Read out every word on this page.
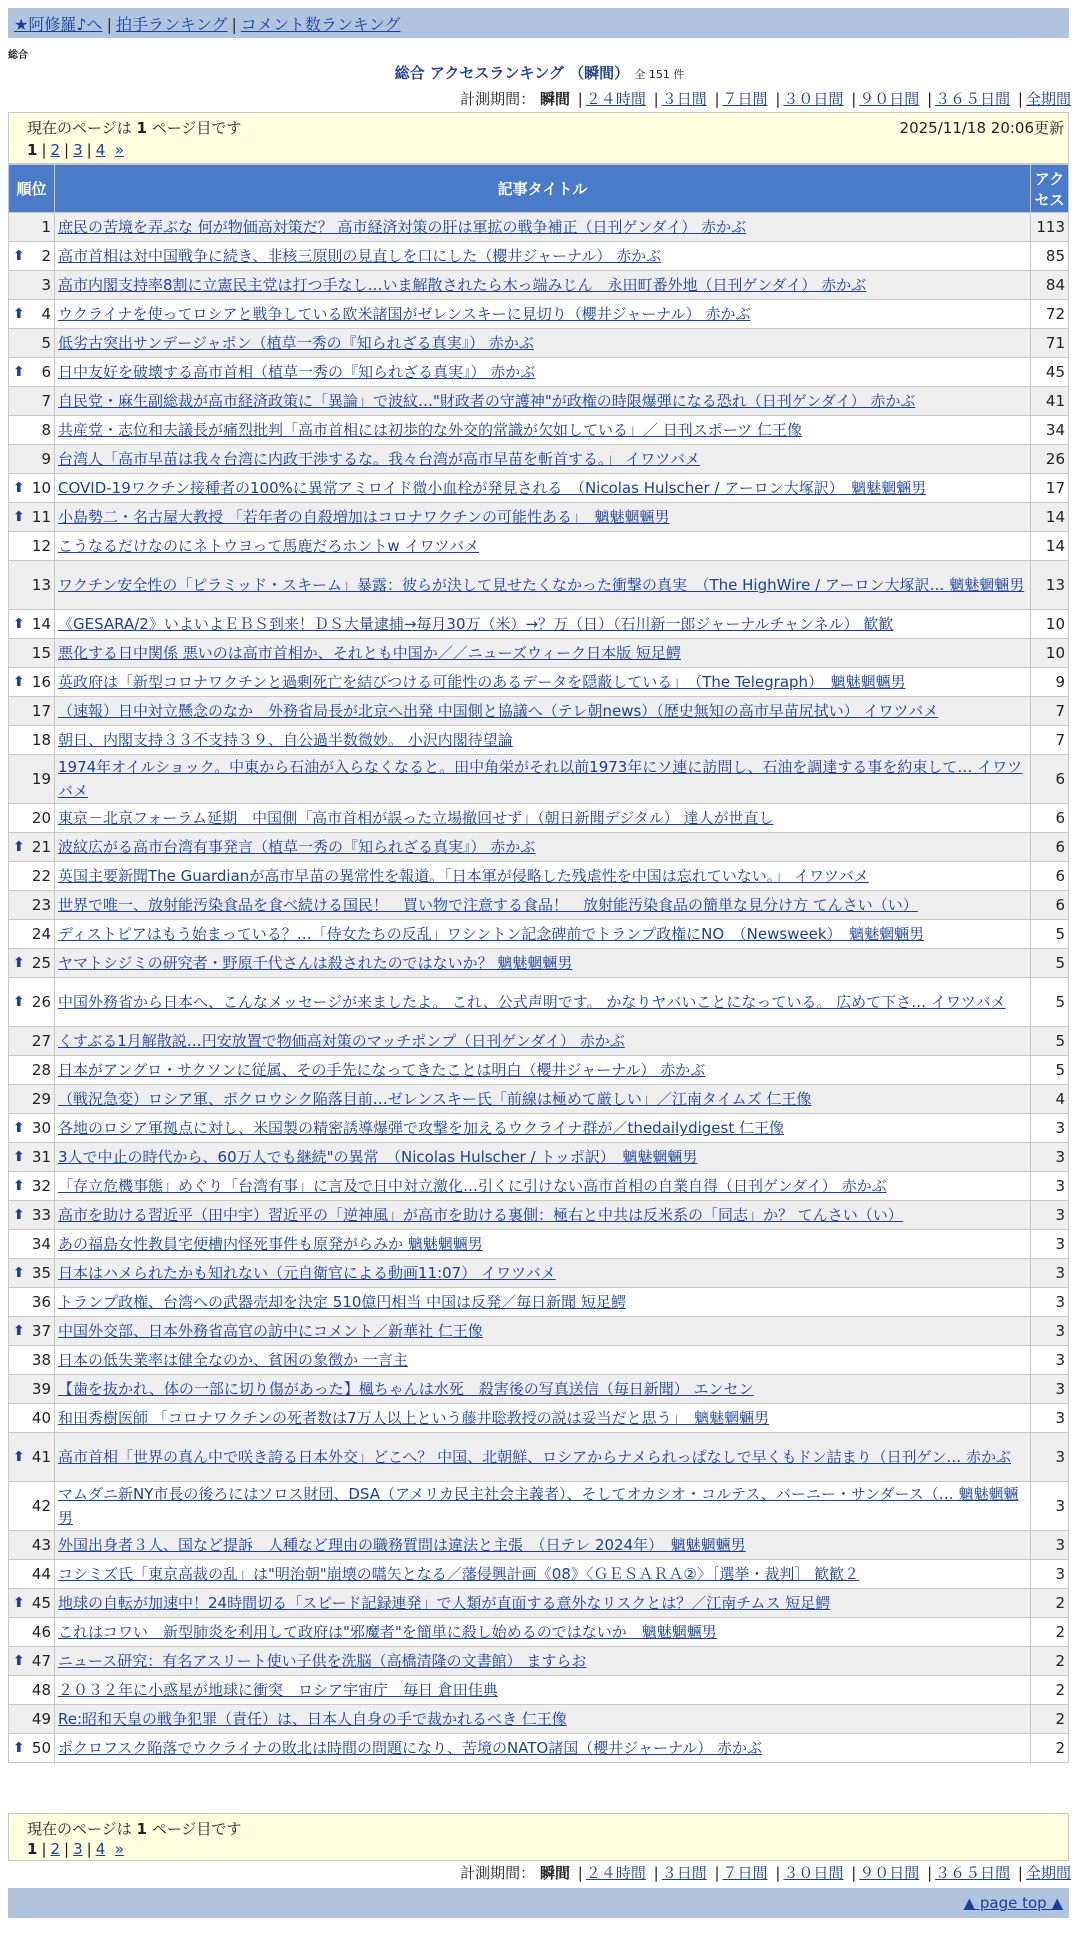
★阿修羅♪へ | 拍手ランキング | コメント数ランキング
総合
総合 アクセスランキング （瞬間） 全 151 件
計測期間： 瞬間 | ２４時間 | ３日間 | ７日間 | ３０日間 | ９０日間 | ３６５日間 | 全期間
現在のページは 1 ページ目です	2025/11/18 20:06更新
1 | 2 | 3 | 4 »
順位	記事タイトル	アクセス
1	庶民の苦境を弄ぶな 何が物価高対策だ？ 高市経済対策の肝は軍拡の戦争補正（日刊ゲンダイ） 赤かぶ	113

⬆ 2	高市首相は対中国戦争に続き、非核三原則の見直しを口にした（櫻井ジャーナル） 赤かぶ	85
3	高市内閣支持率8割に立憲民主党は打つ手なし…いま解散されたら木っ端みじん　永田町番外地（日刊ゲンダイ） 赤かぶ	84

⬆ 4	ウクライナを使ってロシアと戦争している欧米諸国がゼレンスキーに見切り（櫻井ジャーナル） 赤かぶ	72
5	低劣古突出サンデージャポン（植草一秀の『知られざる真実』） 赤かぶ	71

⬆ 6	日中友好を破壊する高市首相（植草一秀の『知られざる真実』） 赤かぶ	45
7	自民党・麻生副総裁が高市経済政策に「異論」で波紋…"財政者の守護神"が政権の時限爆弾になる恐れ（日刊ゲンダイ） 赤かぶ	41
8	共産党・志位和夫議長が痛烈批判「高市首相には初歩的な外交的常識が欠如している」／ 日刊スポーツ 仁王像	34
9	台湾人「高市早苗は我々台湾に内政干渉するな。我々台湾が高市早苗を斬首する。」 イワツバメ	26

⬆ 10	COVID-19ワクチン接種者の100%に異常アミロイド微小血栓が発見される　（Nicolas Hulscher / アーロン大塚訳）　魑魅魍魎男	17

⬆ 11	小島勢二・名古屋大教授 「若年者の自殺増加はコロナワクチンの可能性ある」　魑魅魍魎男	14
12	こうなるだけなのにネトウヨって馬鹿だろホントw イワツバメ	14
13	ワクチン安全性の「ピラミッド・スキーム」暴露：彼らが決して見せたくなかった衝撃の真実　（The HighWire / アーロン大塚訳… 魑魅魍魎男	13

⬆ 14	《GESARA/2》いよいよＥＢＳ到来！ＤＳ大量逮捕→毎月30万（米）→？万（日）（石川新一郎ジャーナルチャンネル） 歓歓	10
15	悪化する日中関係 悪いのは高市首相か、それとも中国か／／ニューズウィーク日本版 短足鰐	10

⬆ 16	英政府は「新型コロナワクチンと過剰死亡を結びつける可能性のあるデータを隠蔽している」　（The Telegraph）　魑魅魍魎男	9
17	（速報）日中対立懸念のなか　外務省局長が北京へ出発 中国側と協議へ（テレ朝news）（歴史無知の高市早苗尻拭い） イワツバメ	7
18	朝日、内閣支持３３不支持３９、自公過半数微妙。 小沢内閣待望論	7
19	1974年オイルショック。中東から石油が入らなくなると。田中角栄がそれ以前1973年にソ連に訪問し、石油を調達する事を約束して… イワツバメ	6
20	東京－北京フォーラム延期　中国側「高市首相が誤った立場撤回せず」（朝日新聞デジタル） 達人が世直し	6

⬆ 21	波紋広がる高市台湾有事発言（植草一秀の『知られざる真実』） 赤かぶ	6
22	英国主要新聞The Guardianが高市早苗の異常性を報道。「日本軍が侵略した残虐性を中国は忘れていない。」 イワツバメ	6
23	世界で唯一、放射能汚染食品を食べ続ける国民！　買い物で注意する食品！　放射能汚染食品の簡単な見分け方 てんさい（い）	6
24	ディストピアはもう始まっている？…「侍女たちの反乱」ワシントン記念碑前でトランプ政権にNO　（Newsweek）　魑魅魍魎男	5

⬆ 25	ヤマトシジミの研究者・野原千代さんは殺されたのではないか？ 魑魅魍魎男	5

⬆ 26	中国外務省から日本へ、こんなメッセージが来ましたよ。 これ、公式声明です。 かなりヤバいことになっている。 広めて下さ… イワツバメ	5
27	くすぶる1月解散説…円安放置で物価高対策のマッチポンプ（日刊ゲンダイ） 赤かぶ	5
28	日本がアングロ・サクソンに従属、その手先になってきたことは明白（櫻井ジャーナル） 赤かぶ	5
29	（戦況急変）ロシア軍、ポクロウシク陥落目前…ゼレンスキー氏「前線は極めて厳しい」／江南タイムズ 仁王像	4

⬆ 30	各地のロシア軍拠点に対し、米国製の精密誘導爆弾で攻撃を加えるウクライナ群が／thedailydigest 仁王像	3

⬆ 31	3人で中止の時代から、60万人でも継続"の異常　（Nicolas Hulscher / トッポ訳）　魑魅魍魎男	3

⬆ 32	「存立危機事態」めぐり「台湾有事」に言及で日中対立激化…引くに引けない高市首相の自業自得（日刊ゲンダイ） 赤かぶ	3

⬆ 33	高市を助ける習近平（田中宇）習近平の「逆神風」が高市を助ける裏側：極右と中共は反米系の「同志」か？ てんさい（い）	3
34	あの福島女性教員宅便槽内怪死事件も原発がらみか 魑魅魍魎男	3

⬆ 35	日本はハメられたかも知れない（元自衛官による動画11:07） イワツバメ	3
36	トランプ政権、台湾への武器売却を決定 510億円相当 中国は反発／毎日新聞 短足鰐	3

⬆ 37	中国外交部、日本外務省高官の訪中にコメント／新華社 仁王像	3
38	日本の低失業率は健全なのか、貧困の象徴か 一言主	3
39	【歯を抜かれ、体の一部に切り傷があった】楓ちゃんは水死　殺害後の写真送信（毎日新聞） エンセン	3
40	和田秀樹医師 「コロナワクチンの死者数は7万人以上という藤井聡教授の説は妥当だと思う」　魑魅魍魎男	3

⬆ 41	高市首相「世界の真ん中で咲き誇る日本外交」どこへ？ 中国、北朝鮮、ロシアからナメられっぱなしで早くもドン詰まり（日刊ゲン… 赤かぶ	3
42	マムダニ新NY市長の後ろにはソロス財団、DSA（アメリカ民主社会主義者）、そしてオカシオ・コルテス、バーニー・サンダース（… 魑魅魍魎男	3
43	外国出身者３人、国など提訴　人種など理由の職務質問は違法と主張　（日テレ 2024年）　魑魅魍魎男	3
44	コシミズ氏「東京高裁の乱」は"明治朝"崩壊の嚆矢となる／藩侵興計画《08》〈ＧＥＳＡＲＡ②〉［選挙・裁判］ 歓歓２	3

⬆ 45	地球の自転が加速中！24時間切る「スピード記録連発」で人類が直面する意外なリスクとは？／江南チムス 短足鰐	2
46	これはコワい　新型肺炎を利用して政府は"邪魔者"を簡単に殺し始めるのではないか　魑魅魍魎男	2

⬆ 47	ニュース研究：有名アスリート使い子供を洗脳（高橋清隆の文書館） ますらお	2
48	２０３２年に小惑星が地球に衝突　ロシア宇宙庁　毎日 倉田佳典	2
49	Re:昭和天皇の戦争犯罪（責任）は、日本人自身の手で裁かれるべき 仁王像	2

⬆ 50	ポクロフスク陥落でウクライナの敗北は時間の問題になり、苦境のNATO諸国（櫻井ジャーナル） 赤かぶ	2
現在のページは 1 ページ目です
1 | 2 | 3 | 4 »
計測期間： 瞬間 | ２４時間 | ３日間 | ７日間 | ３０日間 | ９０日間 | ３６５日間 | 全期間
▲ page top ▲
